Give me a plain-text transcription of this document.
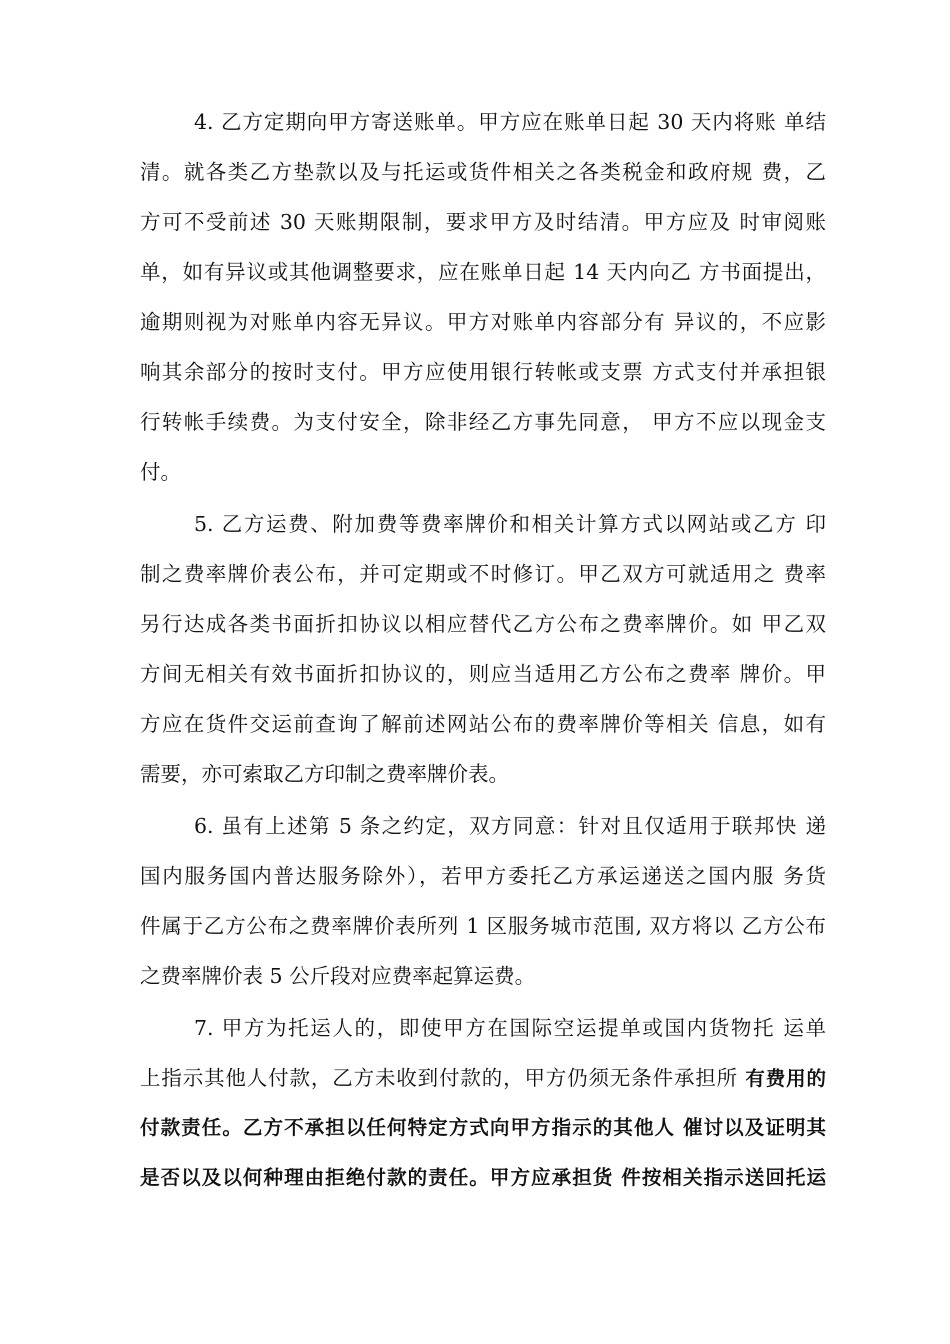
4. 乙方定期向甲方寄送账单。甲方应在账单日起 30 天内将账 单结
清。就各类乙方垫款以及与托运或货件相关之各类税金和政府规 费，乙
方可不受前述 30 天账期限制，要求甲方及时结清。甲方应及 时审阅账
单，如有异议或其他调整要求，应在账单日起 14 天内向乙 方书面提出，
逾期则视为对账单内容无异议。甲方对账单内容部分有 异议的，不应影
响其余部分的按时支付。甲方应使用银行转帐或支票 方式支付并承担银
行转帐手续费。为支付安全，除非经乙方事先同意， 甲方不应以现金支
付。
5. 乙方运费、附加费等费率牌价和相关计算方式以网站或乙方 印
制之费率牌价表公布，并可定期或不时修订。甲乙双方可就适用之 费率
另行达成各类书面折扣协议以相应替代乙方公布之费率牌价。如 甲乙双
方间无相关有效书面折扣协议的，则应当适用乙方公布之费率 牌价。甲
方应在货件交运前查询了解前述网站公布的费率牌价等相关 信息，如有
需要，亦可索取乙方印制之费率牌价表。
6. 虽有上述第 5 条之约定，双方同意：针对且仅适用于联邦快 递
国内服务国内普达服务除外），若甲方委托乙方承运递送之国内服 务货
件属于乙方公布之费率牌价表所列 1 区服务城市范围, 双方将以 乙方公布
之费率牌价表 5 公斤段对应费率起算运费。
7. 甲方为托运人的，即使甲方在国际空运提单或国内货物托 运单
上指示其他人付款，乙方未收到付款的，甲方仍须无条件承担所 有费用的
付款责任。乙方不承担以任何特定方式向甲方指示的其他人 催讨以及证明其
是否以及以何种理由拒绝付款的责任。甲方应承担货 件按相关指示送回托运
